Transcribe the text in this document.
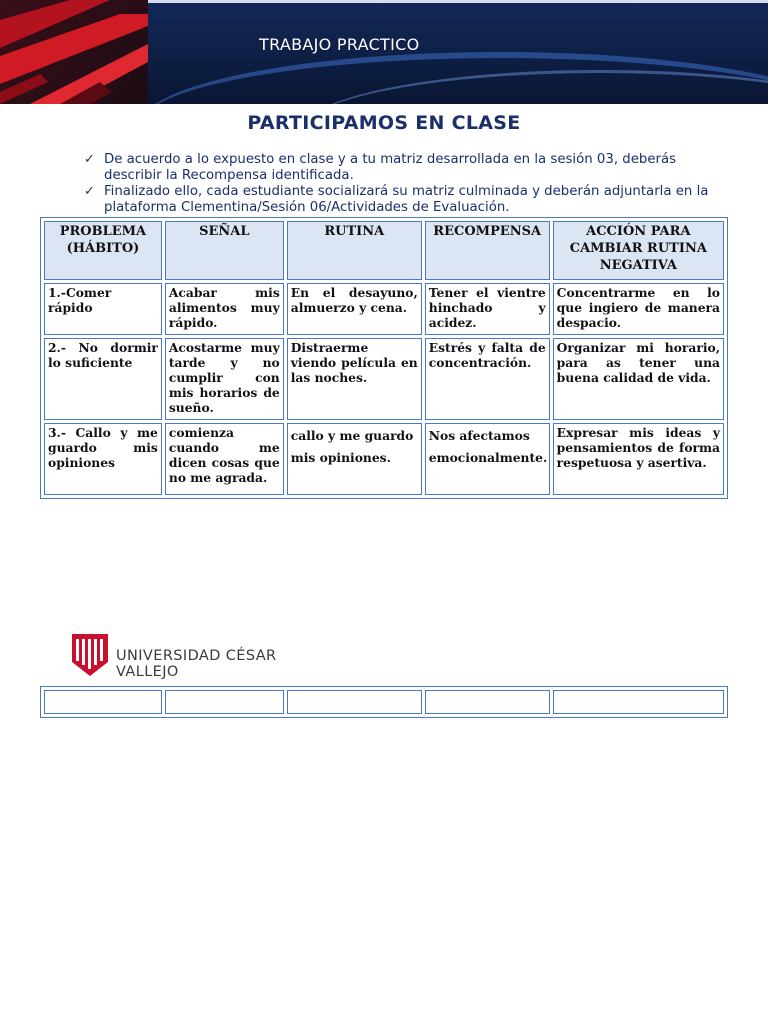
TRABAJO PRACTICO
PARTICIPAMOS EN CLASE
✓ De acuerdo a lo expuesto en clase y a tu matriz desarrollada en la sesión 03, deberás describir la Recompensa identificada.
✓ Finalizado ello, cada estudiante socializará su matriz culminada y deberán adjuntarla en la plataforma Clementina/Sesión 06/Actividades de Evaluación.
PROBLEMA (HÁBITO)	SEÑAL	RUTINA	RECOMPENSA	ACCIÓN PARA CAMBIAR RUTINA NEGATIVA
1.-Comer rápido	Acabar mis alimentos muy rápido.	En el desayuno, almuerzo y cena.	Tener el vientre hinchado y acidez.	Concentrarme en lo que ingiero de manera despacio.
2.- No dormir lo suficiente	Acostarme muy tarde y no cumplir con mis horarios de sueño.	Distraerme viendo película en las noches.	Estrés y falta de concentración.	Organizar mi horario, para as tener una buena calidad de vida.
3.- Callo y me guardo mis opiniones	comienza cuando me dicen cosas que no me agrada.	callo y me guardo mis opiniones.	Nos afectamos emocionalmente.	Expresar mis ideas y pensamientos de forma respetuosa y asertiva.
UNIVERSIDAD CÉSAR VALLEJO
